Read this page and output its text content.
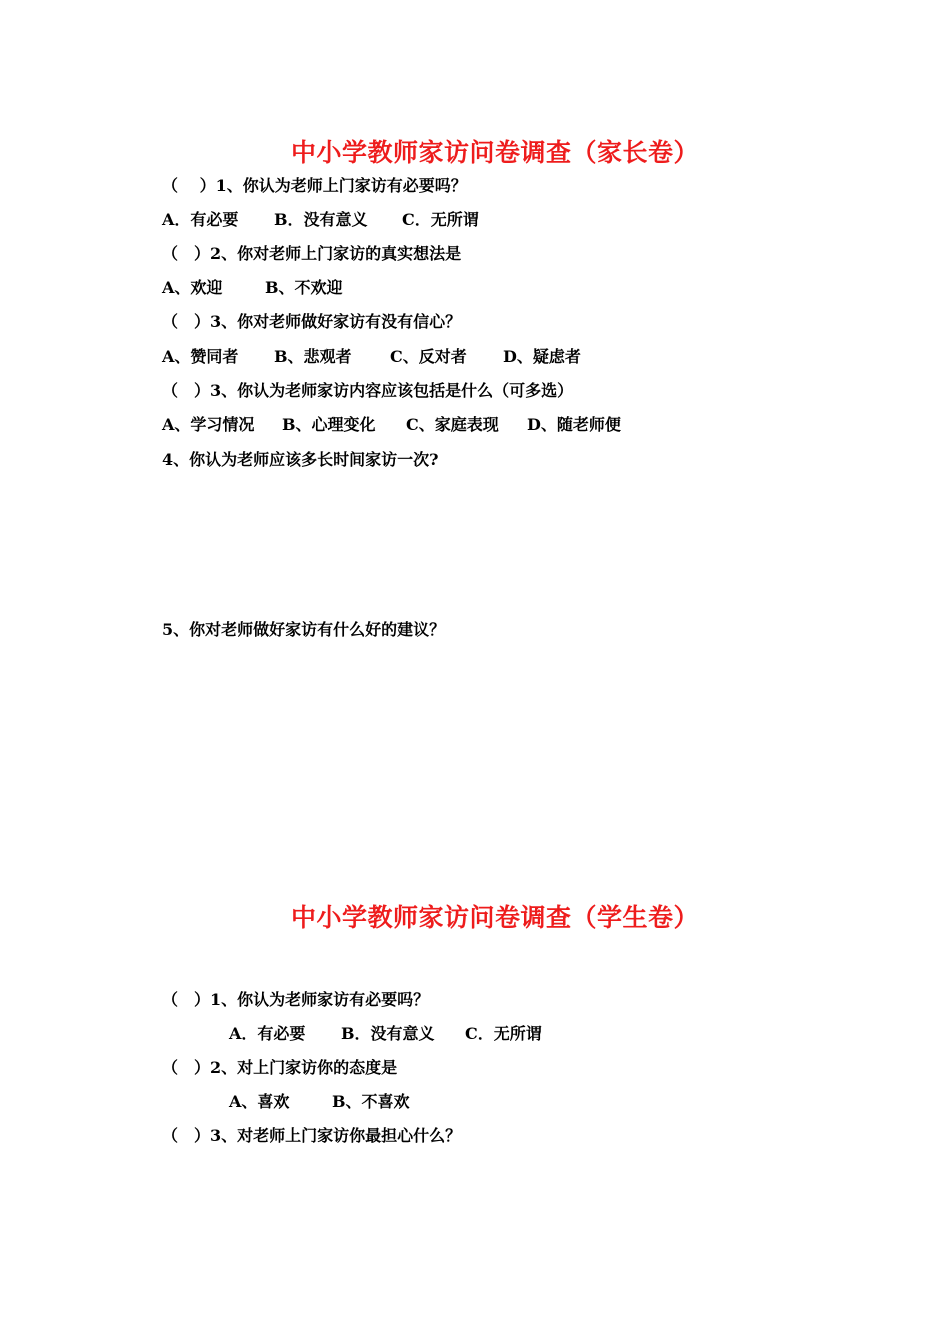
中小学教师家访问卷调查（家长卷）
（　 ）1、你认为老师上门家访有必要吗？
A．有必要 B．没有意义 C．无所谓
（　）2、你对老师上门家访的真实想法是
A、欢迎	B、不欢迎
（　）3、你对老师做好家访有没有信心？
A、赞同者 B、悲观者 C、反对者 D、疑虑者
（　）3、你认为老师家访内容应该包括是什么（可多选）
A、学习情况 B、心理变化 C、家庭表现 D、随老师便
4、你认为老师应该多长时间家访一次?
5、你对老师做好家访有什么好的建议？
中小学教师家访问卷调查（学生卷）
（　）1、你认为老师家访有必要吗？
A．有必要 B．没有意义 C．无所谓
（　）2、对上门家访你的态度是
A、喜欢	B、不喜欢
（　）3、对老师上门家访你最担心什么？
